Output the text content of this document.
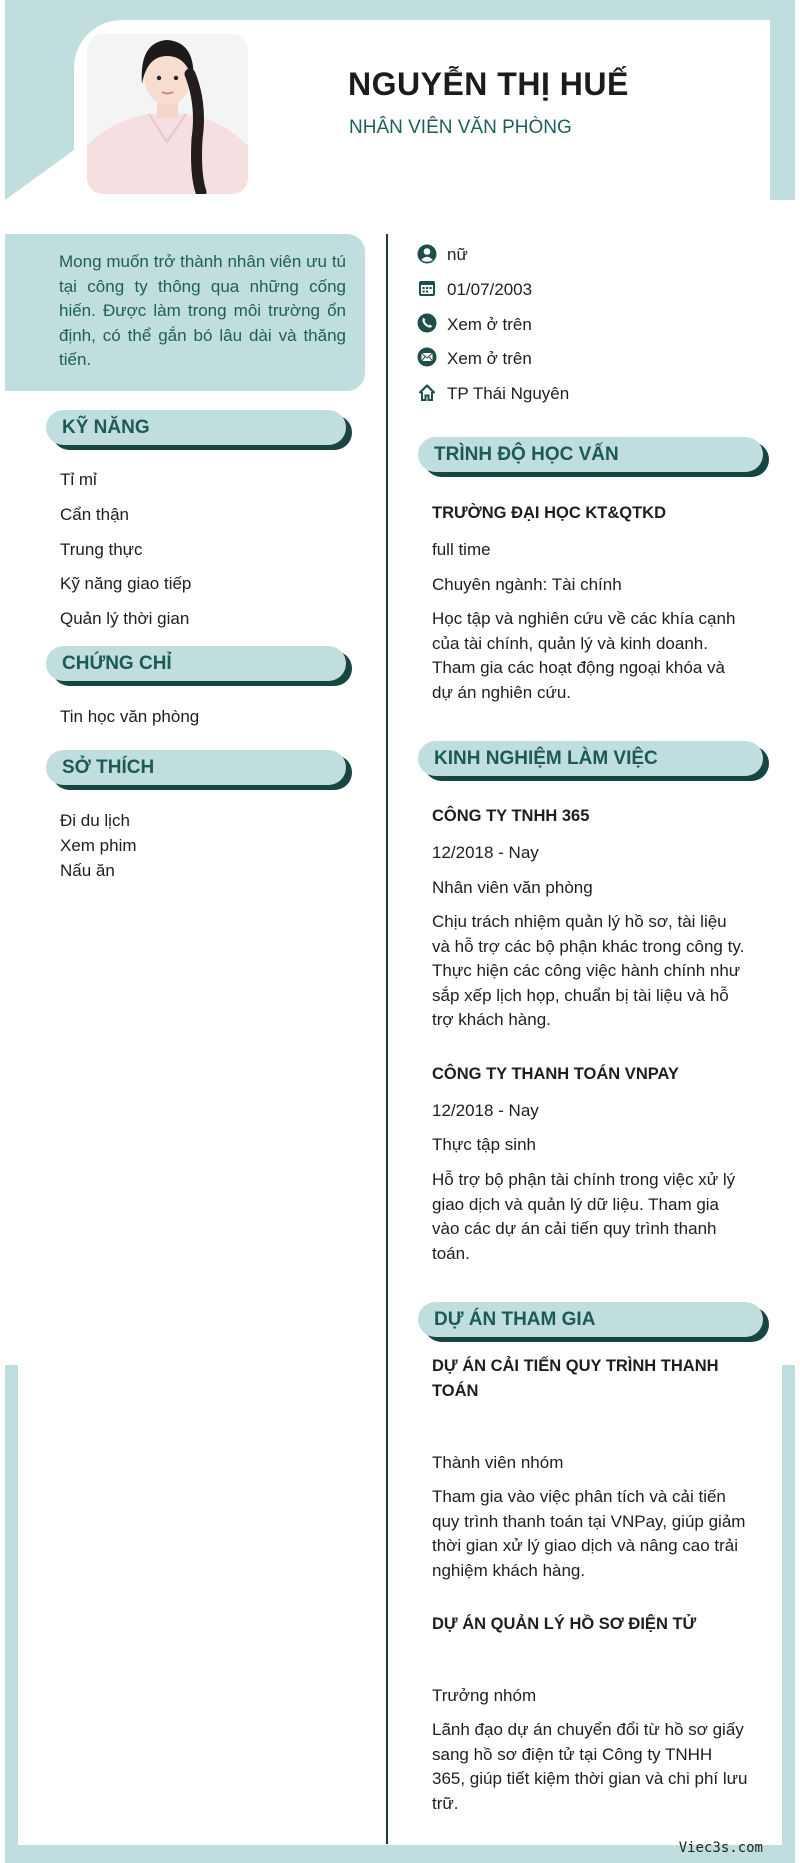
NGUYỄN THỊ HUẾ
NHÂN VIÊN VĂN PHÒNG
Mong muốn trở thành nhân viên ưu tú tại công ty thông qua những cống hiến. Được làm trong môi trường ổn định, có thể gắn bó lâu dài và thăng tiến.
KỸ NĂNG
Tỉ mỉ
Cẩn thận
Trung thực
Kỹ năng giao tiếp
Quản lý thời gian
CHỨNG CHỈ
Tin học văn phòng
SỞ THÍCH
Đi du lịch
Xem phim
Nấu ăn
nữ
01/07/2003
Xem ở trên
Xem ở trên
TP Thái Nguyên
TRÌNH ĐỘ HỌC VẤN
TRƯỜNG ĐẠI HỌC KT&QTKD
full time
Chuyên ngành: Tài chính
Học tập và nghiên cứu về các khía cạnh của tài chính, quản lý và kinh doanh. Tham gia các hoạt động ngoại khóa và dự án nghiên cứu.
KINH NGHIỆM LÀM VIỆC
CÔNG TY TNHH 365
12/2018 - Nay
Nhân viên văn phòng
Chịu trách nhiệm quản lý hồ sơ, tài liệu và hỗ trợ các bộ phận khác trong công ty. Thực hiện các công việc hành chính như sắp xếp lịch họp, chuẩn bị tài liệu và hỗ trợ khách hàng.
CÔNG TY THANH TOÁN VNPAY
12/2018 - Nay
Thực tập sinh
Hỗ trợ bộ phận tài chính trong việc xử lý giao dịch và quản lý dữ liệu. Tham gia vào các dự án cải tiến quy trình thanh toán.
DỰ ÁN THAM GIA
DỰ ÁN CẢI TIẾN QUY TRÌNH THANH TOÁN
Thành viên nhóm
Tham gia vào việc phân tích và cải tiến quy trình thanh toán tại VNPay, giúp giảm thời gian xử lý giao dịch và nâng cao trải nghiệm khách hàng.
DỰ ÁN QUẢN LÝ HỒ SƠ ĐIỆN TỬ
Trưởng nhóm
Lãnh đạo dự án chuyển đổi từ hồ sơ giấy sang hồ sơ điện tử tại Công ty TNHH 365, giúp tiết kiệm thời gian và chi phí lưu trữ.
Viec3s.com
